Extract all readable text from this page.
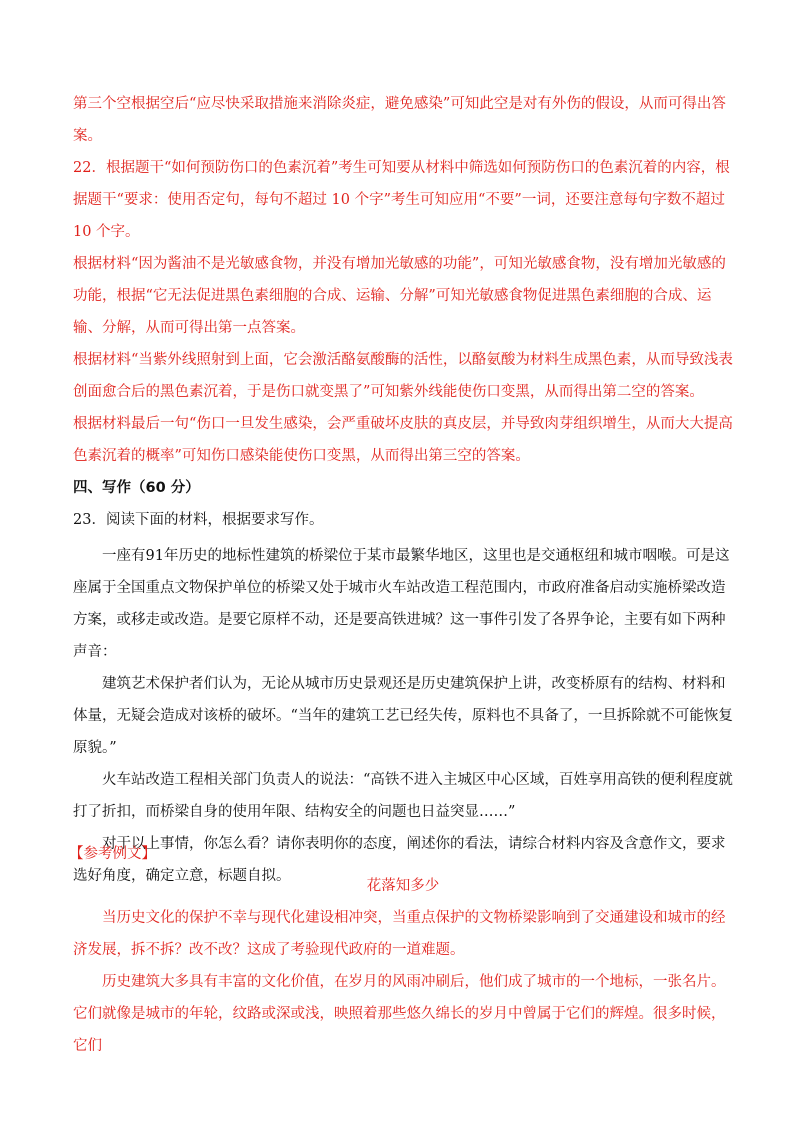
第三个空根据空后“应尽快采取措施来消除炎症，避免感染”可知此空是对有外伤的假设，从而可得出答案。

22．根据题干“如何预防伤口的色素沉着”考生可知要从材料中筛选如何预防伤口的色素沉着的内容，根据题干“要求：使用否定句，每句不超过 10 个字”考生可知应用“不要”一词，还要注意每句字数不超过 10 个字。

根据材料“因为酱油不是光敏感食物，并没有增加光敏感的功能”，可知光敏感食物，没有增加光敏感的功能，根据“它无法促进黑色素细胞的合成、运输、分解”可知光敏感食物促进黑色素细胞的合成、运输、分解，从而可得出第一点答案。

根据材料“当紫外线照射到上面，它会激活酪氨酸酶的活性，以酪氨酸为材料生成黑色素，从而导致浅表创面愈合后的黑色素沉着，于是伤口就变黑了”可知紫外线能使伤口变黑，从而得出第二空的答案。

根据材料最后一句“伤口一旦发生感染，会严重破坏皮肤的真皮层，并导致肉芽组织增生，从而大大提高色素沉着的概率”可知伤口感染能使伤口变黑，从而得出第三空的答案。

四、写作（60 分）

23．阅读下面的材料，根据要求写作。

一座有91年历史的地标性建筑的桥梁位于某市最繁华地区，这里也是交通枢纽和城市咽喉。可是这座属于全国重点文物保护单位的桥梁又处于城市火车站改造工程范围内，市政府准备启动实施桥梁改造方案，或移走或改造。是要它原样不动，还是要高铁进城？这一事件引发了各界争论，主要有如下两种声音：

建筑艺术保护者们认为，无论从城市历史景观还是历史建筑保护上讲，改变桥原有的结构、材料和体量，无疑会造成对该桥的破坏。“当年的建筑工艺已经失传，原料也不具备了，一旦拆除就不可能恢复原貌。”

火车站改造工程相关部门负责人的说法：“高铁不进入主城区中心区域，百姓享用高铁的便利程度就打了折扣，而桥梁自身的使用年限、结构安全的问题也日益突显……”

对于以上事情，你怎么看？请你表明你的态度，阐述你的看法，请综合材料内容及含意作文，要求选好角度，确定立意，标题自拟。

【参考例文】

花落知多少

当历史文化的保护不幸与现代化建设相冲突，当重点保护的文物桥梁影响到了交通建设和城市的经济发展，拆不拆？改不改？这成了考验现代政府的一道难题。

历史建筑大多具有丰富的文化价值，在岁月的风雨冲刷后，他们成了城市的一个地标，一张名片。它们就像是城市的年轮，纹路或深或浅，映照着那些悠久绵长的岁月中曾属于它们的辉煌。很多时候，它们
